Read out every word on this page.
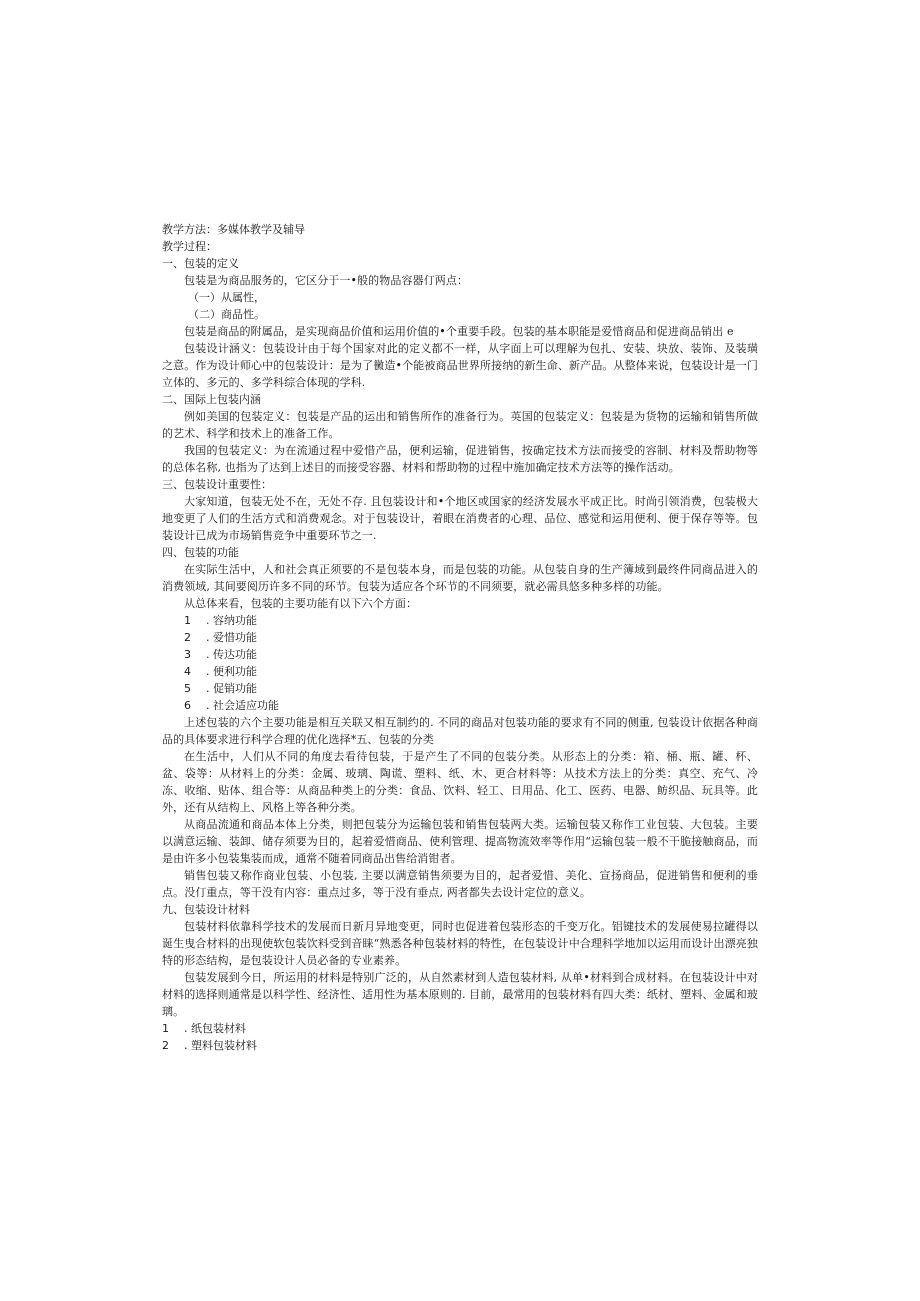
教学方法：多媒体教学及辅导

教学过程：

一、包装的定义

包装是为商品服务的，它区分于一•般的物品容器仃两点：

（一）从属性，

（二）商品性。

包装是商品的附属品，是实现商品价值和运用价值的•个重要手段。包装的基本职能是爱惜商品和促进商品销出 e

包装设计涵义：包装设计由于每个国家对此的定义都不一样，从字面上可以理解为包扎、安装、块放、装饰、及装璜之意。作为设计师心中的包装设计：是为了黴造•个能被商品世界所接纳的新生命、新产品。从整体来说，包装设计是一门立体的、多元的、多学科综合体现的学科.

二、国际上包装内涵

例如美国的包装定义：包装是产品的运出和销售所作的准备行为。英国的包装定义：包装是为货物的运输和销售所做的艺术、科学和技术上的准备工作。

我国的包装定义：为在流通过程中爱惜产品，便利运输，促进销售，按确定技术方法而接受的容制、材料及帮助物等的总体名称, 也指为了达到上述目的而接受容器、材料和帮助物的过程中施加确定技术方法等的操作活动。

三、包装设计重要性：

大家知道，包装无处不在，无处不存. 且包装设计和•个地区或国家的经济发展水平成正比。时尚引领消费，包装极大地变更了人们的生活方式和消费观念。对于包装设计，着眼在消费者的心理、品位、感觉和运用便利、便于保存等等。包装设计已成为市场销售竞争中重要环节之一.

四、包装的功能

在实际生活中，人和社会真正须要的不是包装本身，而是包装的功能。从包装自身的生产簿域到最终件同商品进入的消费领域, 其间要阅历许多不同的环节。包装为适应各个环节的不同须要，就必需具悠多种多样的功能。

从总体来看，包装的主要功能有以下六个方面：

1 . 容纳功能

2 . 爱惜功能

3 . 传达功能

4 . 便利功能

5 . 促销功能

6 . 社会适应功能

上述包装的六个主要功能是相互关联又相互制约的. 不同的商品对包装功能的要求有不同的侧重, 包装设计依据各种商品的具体要求进行科学合理的优化选择*五、包装的分类

在生活中，人们从不同的角度去看待包装，于是产生了不同的包装分类。从形态上的分类：箱、桶、瓶、罐、杯、盆、袋等：从材料上的分类：金属、玻璃、陶谎、塑料、纸、木、更合材料等：从技术方法上的分类：真空、充气、冷冻、收缩、贴体、组合等：从商品种类上的分类：食品、饮料、轻工、日用品、化工、医药、电器、鲂织品、玩具等。此外，还有从结构上、风格上等各种分类。

从商品流通和商品本体上分类，则把包装分为运输包装和销售包装两大类。运输包装又称作工业包装、大包装。主要以满意运输、装卸、储存须要为目的，起着爱惜商品、使利管理、提高物流效率等作用“运输包装一般不干脆接触商品，而是由许多小包装集装而成，通常不随着同商品出售给消钳者。

销售包装又称作商业包装、小包装, 主要以满意销售须要为目的，起者爱惜、美化、宣扬商品，促进销售和便利的垂点。没仃重点，等干没有内容：重点过多，等于没有垂点, 两者都失去设计定位的意义。

九、包装设计材料

包装材料依靠科学技术的发展而日新月异地变更，同时也促进着包装形态的千变万化。铝键技术的发展使易拉罐得以诞生曳合材料的出现使软包装饮料受到音睐“熟悉各种包装材料的特性，在包装设计中合理科学地加以运用而设计出漂亮独特的形态结构，是包装设计人员必备的专业素养。

包装发展到今日，所运用的材料是特别广泛的，从自然素材到人造包装材料, 从单•材料到合成材料。在包装设计中对材料的选择则通常是以科学性、经济性、适用性为基本原则的. 目前，最常用的包装材料有四大类：纸材、塑料、金属和玻璃。

1 . 纸包装材料

2 . 塑料包装材料
